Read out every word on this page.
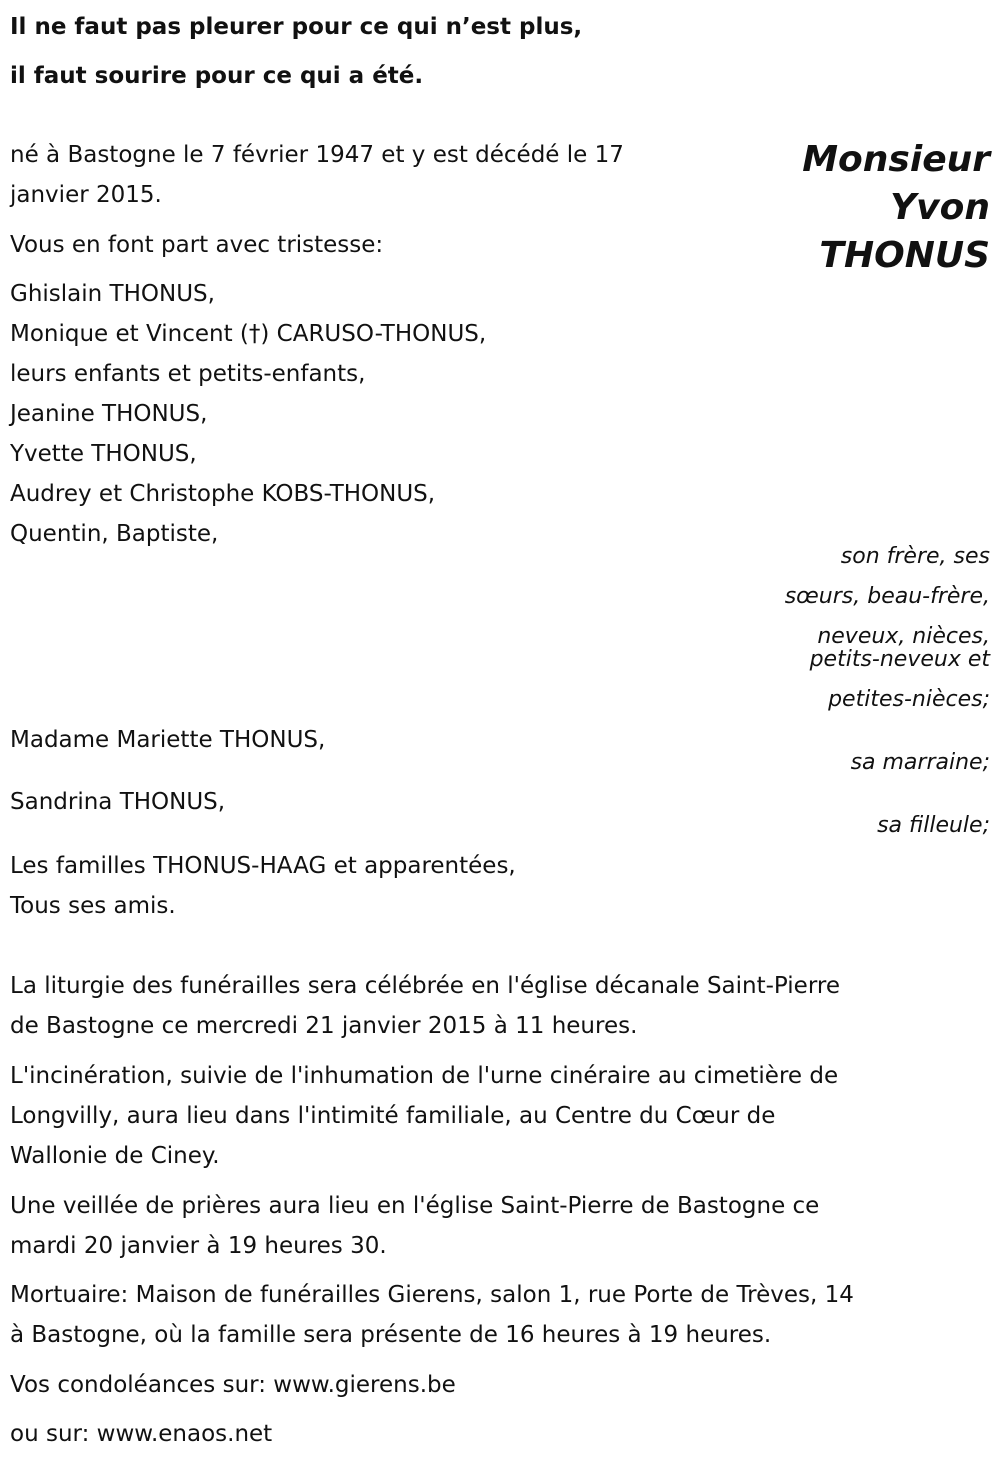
Il ne faut pas pleurer pour ce qui n’est plus,
il faut sourire pour ce qui a été.
Monsieur
Yvon
THONUS
né à Bastogne le 7 février 1947 et y est décédé le 17
janvier 2015.
Vous en font part avec tristesse:
Ghislain THONUS,
Monique et Vincent (†) CARUSO-THONUS,
leurs enfants et petits-enfants,
Jeanine THONUS,
Yvette THONUS,
Audrey et Christophe KOBS-THONUS,
Quentin, Baptiste,
son frère, ses
sœurs, beau-frère,
neveux, nièces,
petits-neveux et
petites-nièces;
Madame Mariette THONUS,
sa marraine;
Sandrina THONUS,
sa filleule;
Les familles THONUS-HAAG et apparentées,
Tous ses amis.
La liturgie des funérailles sera célébrée en l'église décanale Saint-Pierre
de Bastogne ce mercredi 21 janvier 2015 à 11 heures.
L'incinération, suivie de l'inhumation de l'urne cinéraire au cimetière de
Longvilly, aura lieu dans l'intimité familiale, au Centre du Cœur de
Wallonie de Ciney.
Une veillée de prières aura lieu en l'église Saint-Pierre de Bastogne ce
mardi 20 janvier à 19 heures 30.
Mortuaire: Maison de funérailles Gierens, salon 1, rue Porte de Trèves, 14
à Bastogne, où la famille sera présente de 16 heures à 19 heures.
Vos condoléances sur: www.gierens.be
ou sur: www.enaos.net
